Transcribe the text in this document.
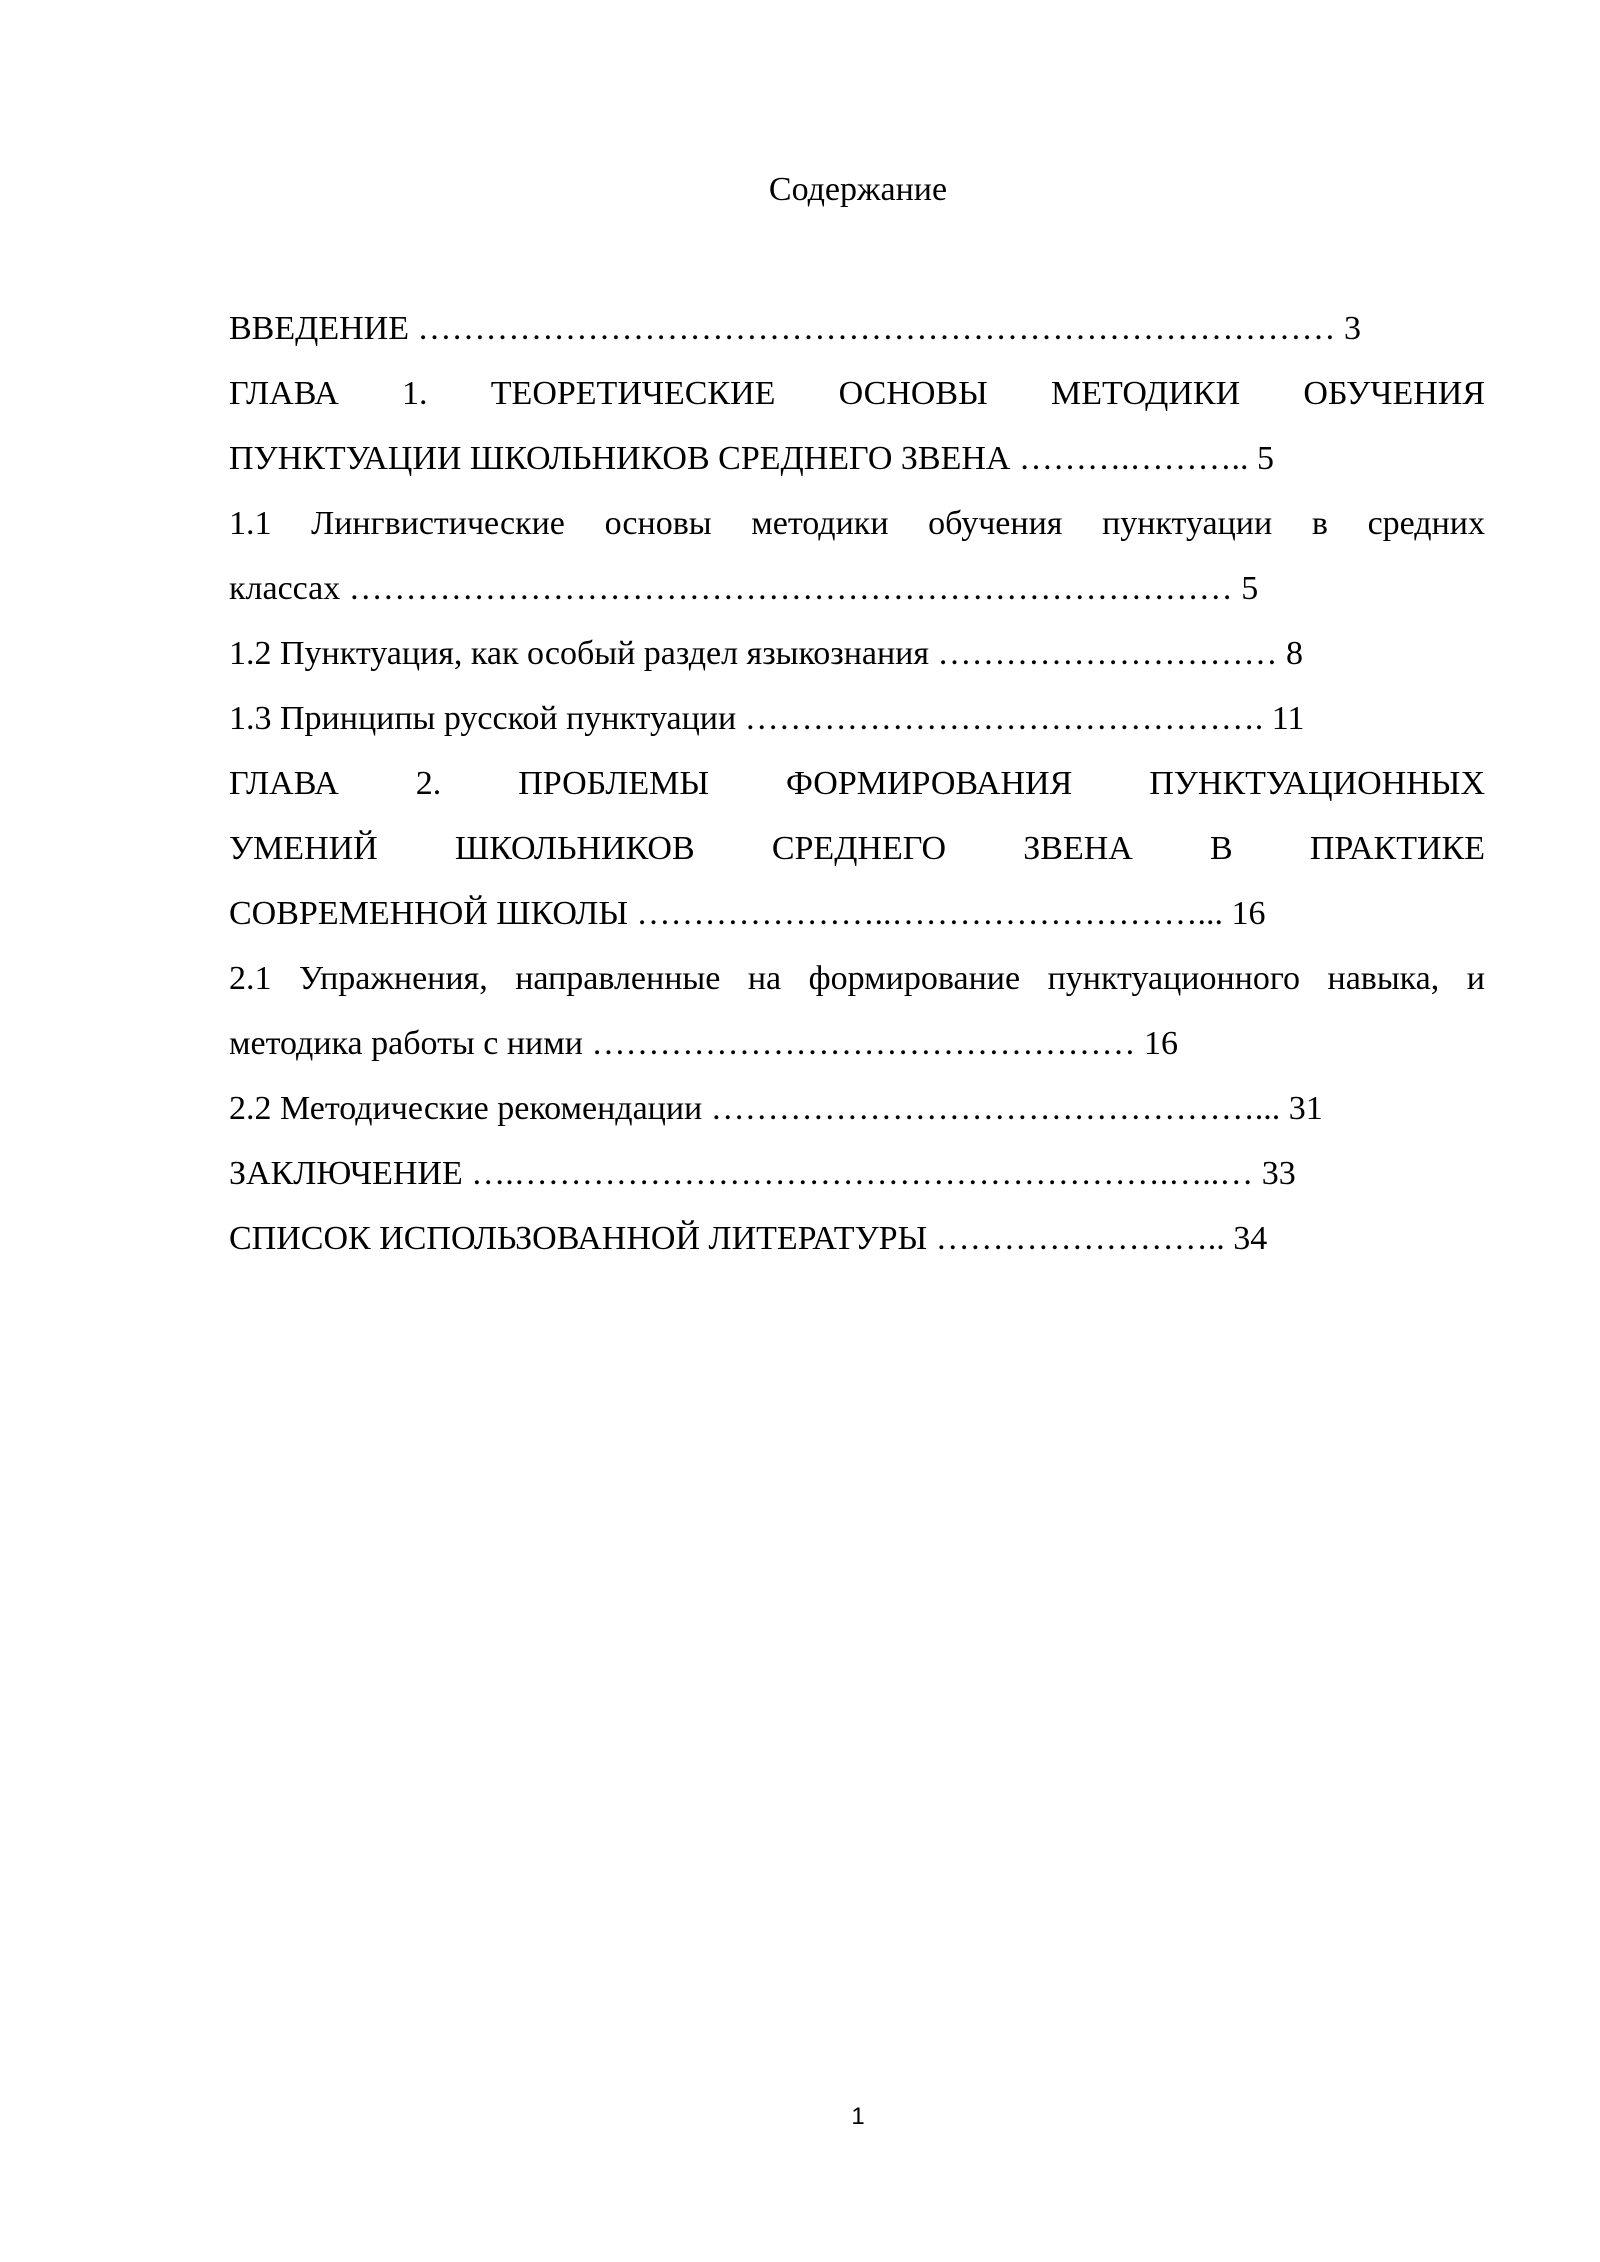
Содержание
ВВЕДЕНИЕ ……………………………………………………………………… 3
ГЛАВА 1. ТЕОРЕТИЧЕСКИЕ ОСНОВЫ МЕТОДИКИ ОБУЧЕНИЯ
ПУНКТУАЦИИ ШКОЛЬНИКОВ СРЕДНЕГО ЗВЕНА ……….……….. 5
1.1 Лингвистические основы методики обучения пунктуации в средних
классах …………………………………………………………………… 5
1.2 Пунктуация, как особый раздел языкознания ………………………… 8
1.3 Принципы русской пунктуации ………………………………………. 11
ГЛАВА 2. ПРОБЛЕМЫ ФОРМИРОВАНИЯ ПУНКТУАЦИОННЫХ
УМЕНИЙ ШКОЛЬНИКОВ СРЕДНЕГО ЗВЕНА В ПРАКТИКЕ
СОВРЕМЕННОЙ ШКОЛЫ …………………..………………………... 16
2.1 Упражнения, направленные на формирование пунктуационного навыка, и
методика работы с ними ………………………………………… 16
2.2 Методические рекомендации …………………………………………... 31
ЗАКЛЮЧЕНИЕ ….………………………………………………….…..… 33
СПИСОК ИСПОЛЬЗОВАННОЙ ЛИТЕРАТУРЫ …………………….. 34
1
